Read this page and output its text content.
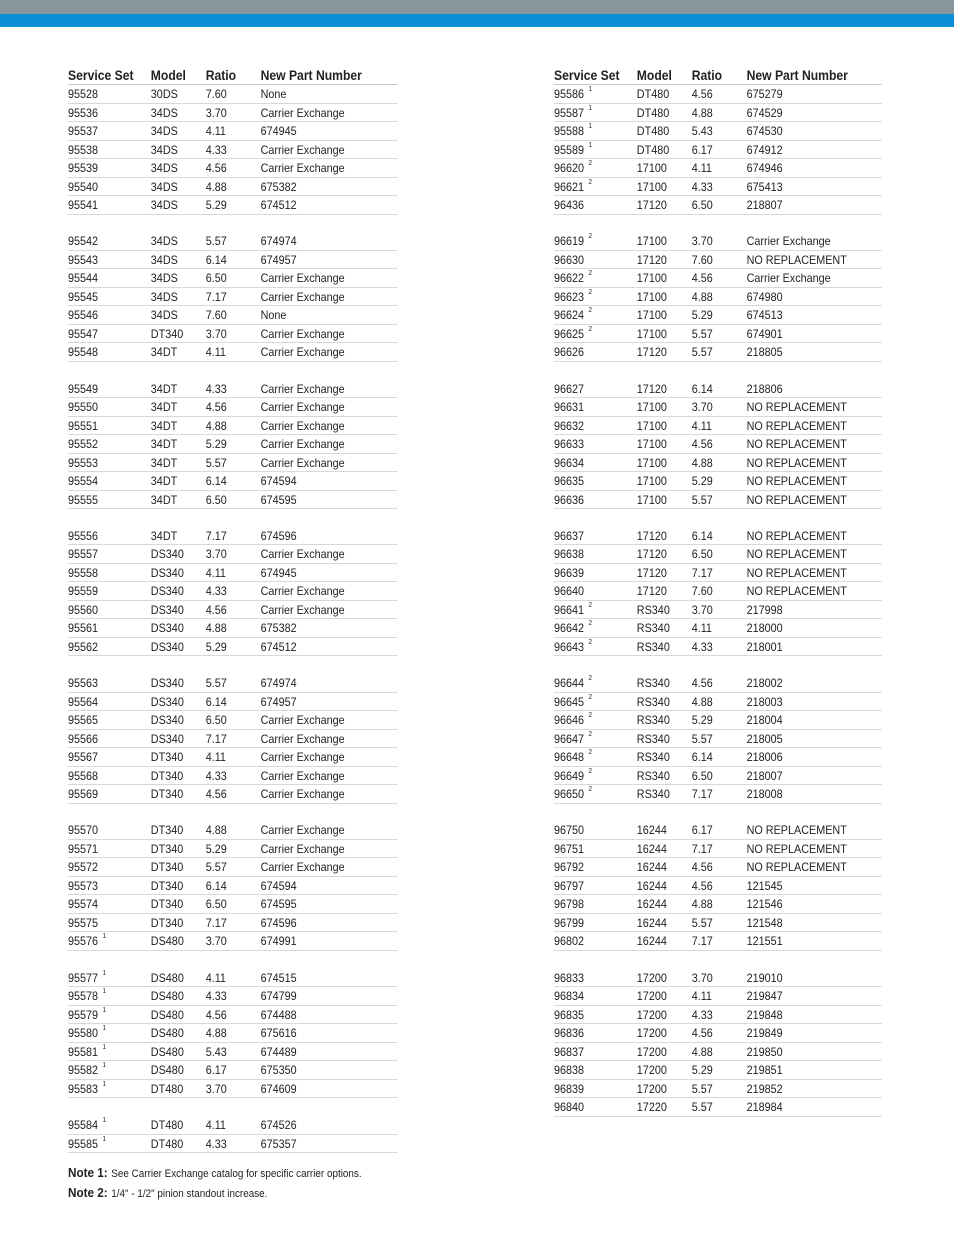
Service Set	Model	Ratio	New Part Number
95528	30DS	7.60	None
95536	34DS	3.70	Carrier Exchange
95537	34DS	4.11	674945
95538	34DS	4.33	Carrier Exchange
95539	34DS	4.56	Carrier Exchange
95540	34DS	4.88	675382
95541	34DS	5.29	674512
95542	34DS	5.57	674974
95543	34DS	6.14	674957
95544	34DS	6.50	Carrier Exchange
95545	34DS	7.17	Carrier Exchange
95546	34DS	7.60	None
95547	DT340	3.70	Carrier Exchange
95548	34DT	4.11	Carrier Exchange
95549	34DT	4.33	Carrier Exchange
95550	34DT	4.56	Carrier Exchange
95551	34DT	4.88	Carrier Exchange
95552	34DT	5.29	Carrier Exchange
95553	34DT	5.57	Carrier Exchange
95554	34DT	6.14	674594
95555	34DT	6.50	674595
95556	34DT	7.17	674596
95557	DS340	3.70	Carrier Exchange
95558	DS340	4.11	674945
95559	DS340	4.33	Carrier Exchange
95560	DS340	4.56	Carrier Exchange
95561	DS340	4.88	675382
95562	DS340	5.29	674512
95563	DS340	5.57	674974
95564	DS340	6.14	674957
95565	DS340	6.50	Carrier Exchange
95566	DS340	7.17	Carrier Exchange
95567	DT340	4.11	Carrier Exchange
95568	DT340	4.33	Carrier Exchange
95569	DT340	4.56	Carrier Exchange
95570	DT340	4.88	Carrier Exchange
95571	DT340	5.29	Carrier Exchange
95572	DT340	5.57	Carrier Exchange
95573	DT340	6.14	674594
95574	DT340	6.50	674595
95575	DT340	7.17	674596
95576 $^1$	DS480	3.70	674991
95577 $^1$	DS480	4.11	674515
95578 $^1$	DS480	4.33	674799
95579 $^1$	DS480	4.56	674488
95580 $^1$	DS480	4.88	675616
95581 $^1$	DS480	5.43	674489
95582 $^1$	DS480	6.17	675350
95583 $^1$	DT480	3.70	674609
95584 $^1$	DT480	4.11	674526
95585 $^1$	DT480	4.33	675357
Service Set	Model	Ratio	New Part Number
95586 $^1$	DT480	4.56	675279
95587 $^1$	DT480	4.88	674529
95588 $^1$	DT480	5.43	674530
95589 $^1$	DT480	6.17	674912
96620 $^2$	17100	4.11	674946
96621 $^2$	17100	4.33	675413
96436	17120	6.50	218807
96619 $^2$	17100	3.70	Carrier Exchange
96630	17120	7.60	NO REPLACEMENT
96622 $^2$	17100	4.56	Carrier Exchange
96623 $^2$	17100	4.88	674980
96624 $^2$	17100	5.29	674513
96625 $^2$	17100	5.57	674901
96626	17120	5.57	218805
96627	17120	6.14	218806
96631	17100	3.70	NO REPLACEMENT
96632	17100	4.11	NO REPLACEMENT
96633	17100	4.56	NO REPLACEMENT
96634	17100	4.88	NO REPLACEMENT
96635	17100	5.29	NO REPLACEMENT
96636	17100	5.57	NO REPLACEMENT
96637	17120	6.14	NO REPLACEMENT
96638	17120	6.50	NO REPLACEMENT
96639	17120	7.17	NO REPLACEMENT
96640	17120	7.60	NO REPLACEMENT
96641 $^2$	RS340	3.70	217998
96642 $^2$	RS340	4.11	218000
96643 $^2$	RS340	4.33	218001
96644 $^2$	RS340	4.56	218002
96645 $^2$	RS340	4.88	218003
96646 $^2$	RS340	5.29	218004
96647 $^2$	RS340	5.57	218005
96648 $^2$	RS340	6.14	218006
96649 $^2$	RS340	6.50	218007
96650 $^2$	RS340	7.17	218008
96750	16244	6.17	NO REPLACEMENT
96751	16244	7.17	NO REPLACEMENT
96792	16244	4.56	NO REPLACEMENT
96797	16244	4.56	121545
96798	16244	4.88	121546
96799	16244	5.57	121548
96802	16244	7.17	121551
96833	17200	3.70	219010
96834	17200	4.11	219847
96835	17200	4.33	219848
96836	17200	4.56	219849
96837	17200	4.88	219850
96838	17200	5.29	219851
96839	17200	5.57	219852
96840	17220	5.57	218984
Note 1: See Carrier Exchange catalog for specific carrier options.
Note 2: 1/4" - 1/2" pinion standout increase.
